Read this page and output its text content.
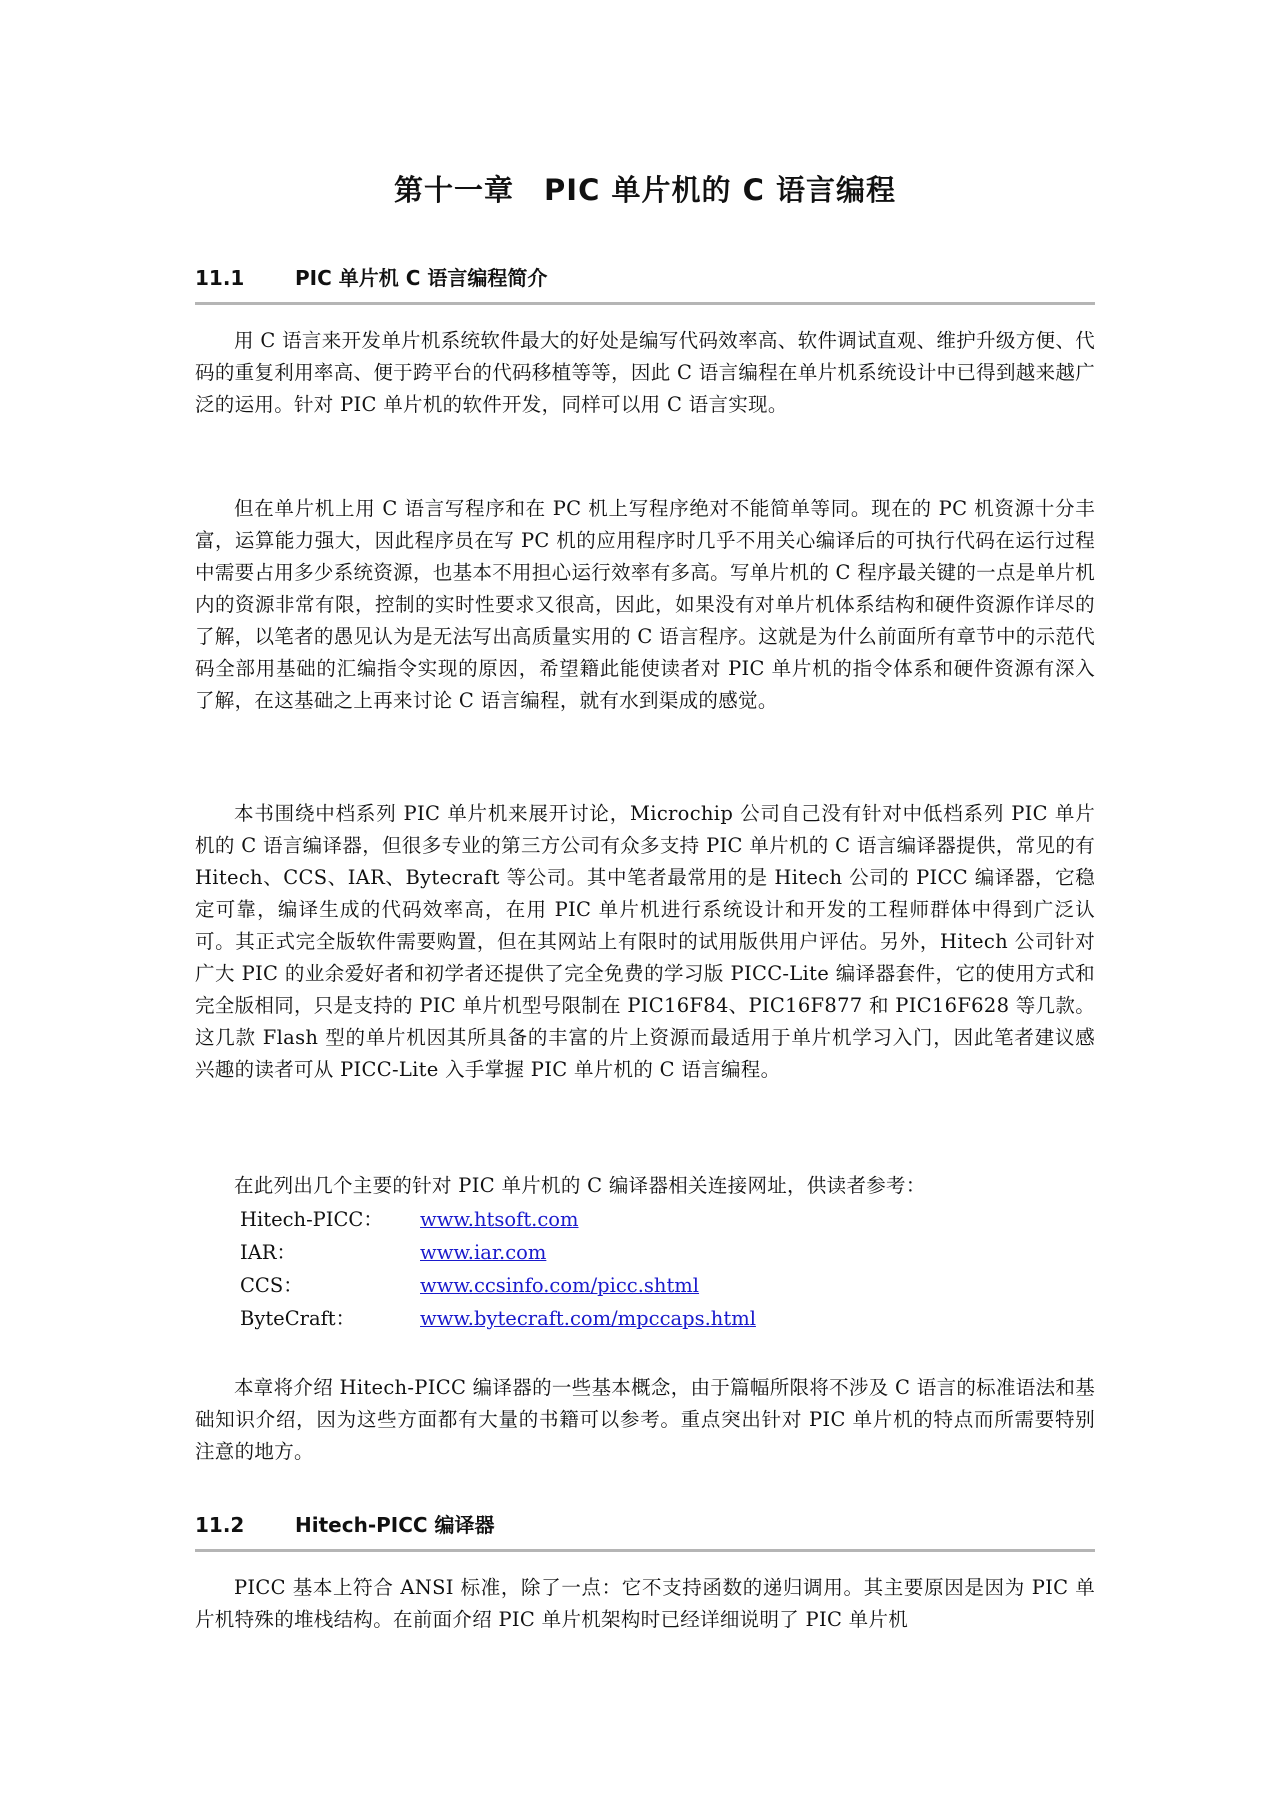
第十一章　PIC 单片机的 C 语言编程
11.1	PIC 单片机 C 语言编程简介

用 C 语言来开发单片机系统软件最大的好处是编写代码效率高、软件调试直观、维护升级方便、代码的重复利用率高、便于跨平台的代码移植等等，因此 C 语言编程在单片机系统设计中已得到越来越广泛的运用。针对 PIC 单片机的软件开发，同样可以用 C 语言实现。

但在单片机上用 C 语言写程序和在 PC 机上写程序绝对不能简单等同。现在的 PC 机资源十分丰富，运算能力强大，因此程序员在写 PC 机的应用程序时几乎不用关心编译后的可执行代码在运行过程中需要占用多少系统资源，也基本不用担心运行效率有多高。写单片机的 C 程序最关键的一点是单片机内的资源非常有限，控制的实时性要求又很高，因此，如果没有对单片机体系结构和硬件资源作详尽的了解，以笔者的愚见认为是无法写出高质量实用的 C 语言程序。这就是为什么前面所有章节中的示范代码全部用基础的汇编指令实现的原因，希望籍此能使读者对 PIC 单片机的指令体系和硬件资源有深入了解，在这基础之上再来讨论 C 语言编程，就有水到渠成的感觉。

本书围绕中档系列 PIC 单片机来展开讨论，Microchip 公司自己没有针对中低档系列 PIC 单片机的 C 语言编译器，但很多专业的第三方公司有众多支持 PIC 单片机的 C 语言编译器提供，常见的有 Hitech、CCS、IAR、Bytecraft 等公司。其中笔者最常用的是 Hitech 公司的 PICC 编译器，它稳定可靠，编译生成的代码效率高，在用 PIC 单片机进行系统设计和开发的工程师群体中得到广泛认可。其正式完全版软件需要购置，但在其网站上有限时的试用版供用户评估。另外，Hitech 公司针对广大 PIC 的业余爱好者和初学者还提供了完全免费的学习版 PICC-Lite 编译器套件，它的使用方式和完全版相同，只是支持的 PIC 单片机型号限制在 PIC16F84、PIC16F877 和 PIC16F628 等几款。这几款 Flash 型的单片机因其所具备的丰富的片上资源而最适用于单片机学习入门，因此笔者建议感兴趣的读者可从 PICC-Lite 入手掌握 PIC 单片机的 C 语言编程。

在此列出几个主要的针对 PIC 单片机的 C 编译器相关连接网址，供读者参考：

Hitech-PICC： www.htsoft.com
IAR：	www.iar.com
CCS：	www.ccsinfo.com/picc.shtml
ByteCraft：	www.bytecraft.com/mpccaps.html

本章将介绍 Hitech-PICC 编译器的一些基本概念，由于篇幅所限将不涉及 C 语言的标准语法和基础知识介绍，因为这些方面都有大量的书籍可以参考。重点突出针对 PIC 单片机的特点而所需要特别注意的地方。

11.2	Hitech-PICC 编译器

PICC 基本上符合 ANSI 标准，除了一点：它不支持函数的递归调用。其主要原因是因为 PIC 单片机特殊的堆栈结构。在前面介绍 PIC 单片机架构时已经详细说明了 PIC 单片机
